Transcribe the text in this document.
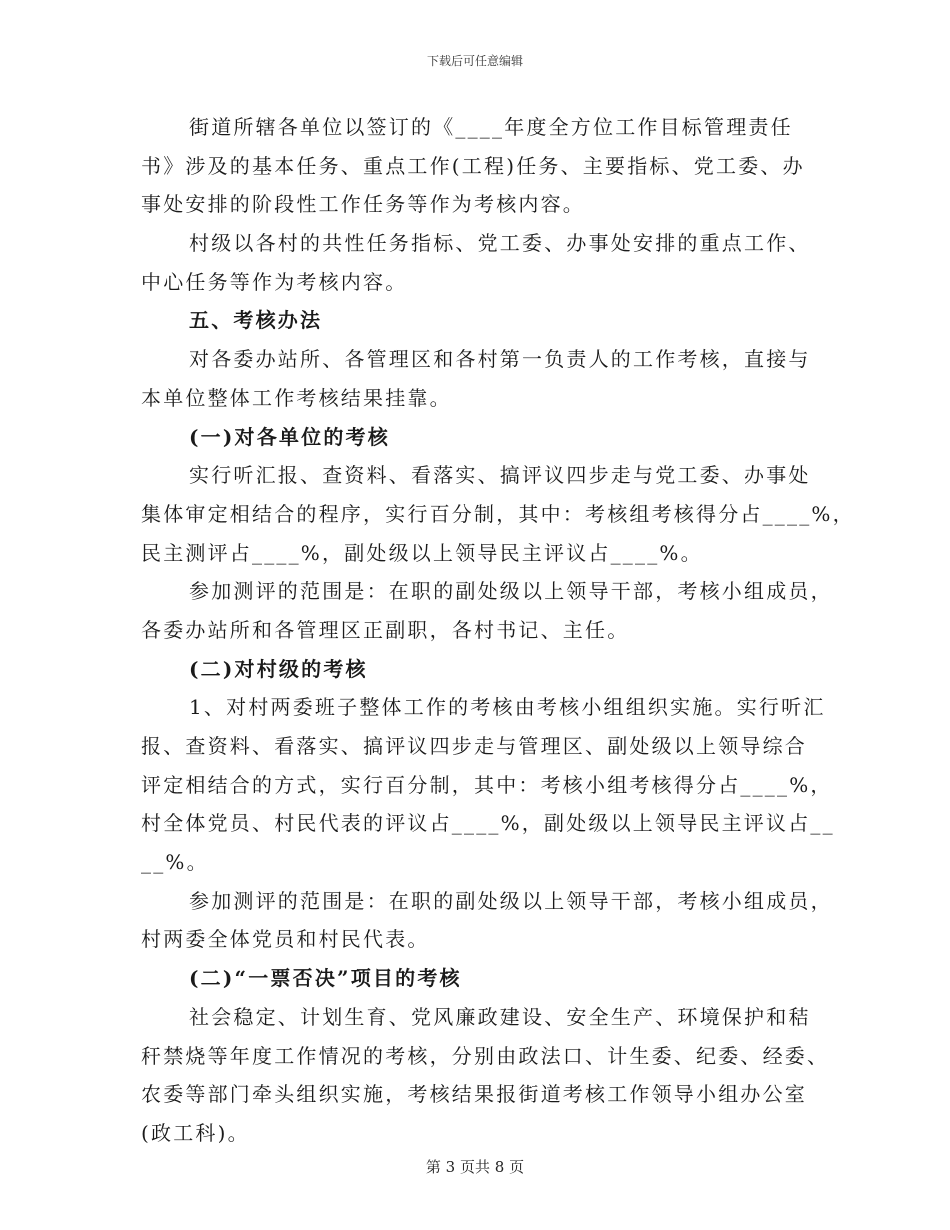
下载后可任意编辑
街道所辖各单位以签订的《____年度全方位工作目标管理责任
书》涉及的基本任务、重点工作(工程)任务、主要指标、党工委、办
事处安排的阶段性工作任务等作为考核内容。
村级以各村的共性任务指标、党工委、办事处安排的重点工作、
中心任务等作为考核内容。
五、考核办法
对各委办站所、各管理区和各村第一负责人的工作考核，直接与
本单位整体工作考核结果挂靠。
(一)对各单位的考核
实行听汇报、查资料、看落实、搞评议四步走与党工委、办事处
集体审定相结合的程序，实行百分制，其中：考核组考核得分占____%，
民主测评占____%，副处级以上领导民主评议占____%。
参加测评的范围是：在职的副处级以上领导干部，考核小组成员，
各委办站所和各管理区正副职，各村书记、主任。
(二)对村级的考核
1、对村两委班子整体工作的考核由考核小组组织实施。实行听汇
报、查资料、看落实、搞评议四步走与管理区、副处级以上领导综合
评定相结合的方式，实行百分制，其中：考核小组考核得分占____%，
村全体党员、村民代表的评议占____%，副处级以上领导民主评议占__
__%。
参加测评的范围是：在职的副处级以上领导干部，考核小组成员，
村两委全体党员和村民代表。
(二)“一票否决”项目的考核
社会稳定、计划生育、党风廉政建设、安全生产、环境保护和秸
秆禁烧等年度工作情况的考核，分别由政法口、计生委、纪委、经委、
农委等部门牵头组织实施，考核结果报街道考核工作领导小组办公室
(政工科)。
第 3 页共 8 页
